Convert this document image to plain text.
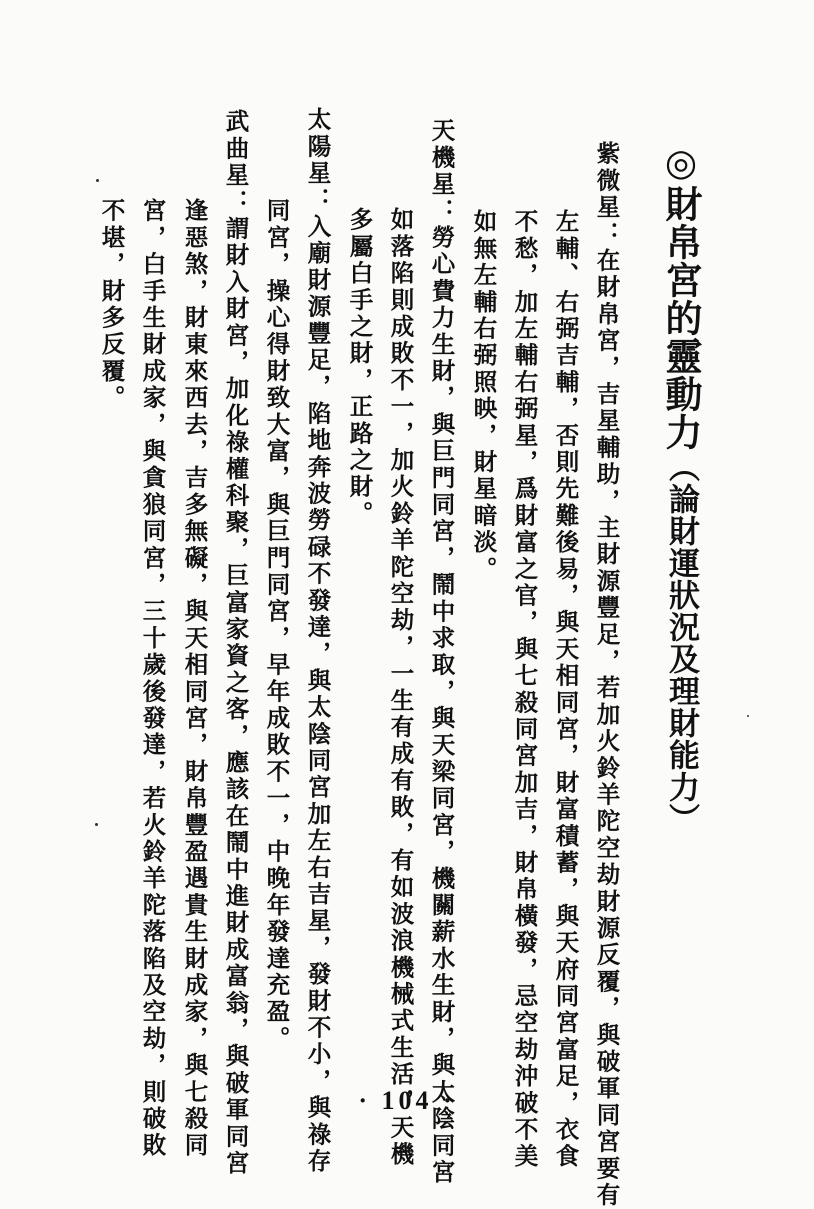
◎財帛宮的靈動力（論財運狀況及理財能力）
紫微星：在財帛宮，吉星輔助，主財源豐足，若加火鈴羊陀空劫財源反覆，與破軍同宮要有
左輔、右弼吉輔，否則先難後易，與天相同宮，財富積蓄，與天府同宮富足，衣食
不愁，加左輔右弼星，爲財富之官，與七殺同宮加吉，財帛橫發，忌空劫沖破不美
如無左輔右弼照映，財星暗淡。
天機星：勞心費力生財，與巨門同宮，鬧中求取，與天梁同宮，機關薪水生財，與太陰同宮
如落陷則成敗不一，加火鈴羊陀空劫，一生有成有敗，有如波浪機械式生活，天機
多屬白手之財，正路之財。
太陽星：入廟財源豐足，陷地奔波勞碌不發達，與太陰同宮加左右吉星，發財不小，與祿存
同宮，操心得財致大富，與巨門同宮，早年成敗不一，中晚年發達充盈。
武曲星：謂財入財宮，加化祿權科聚，巨富家資之客，應該在鬧中進財成富翁，與破軍同宮
逢惡煞，財東來西去，吉多無礙，與天相同宮，財帛豐盈遇貴生財成家，與七殺同
宮，白手生財成家，與貪狼同宮，三十歲後發達，若火鈴羊陀落陷及空劫，則破敗
不堪，財多反覆。
· 104 ·
